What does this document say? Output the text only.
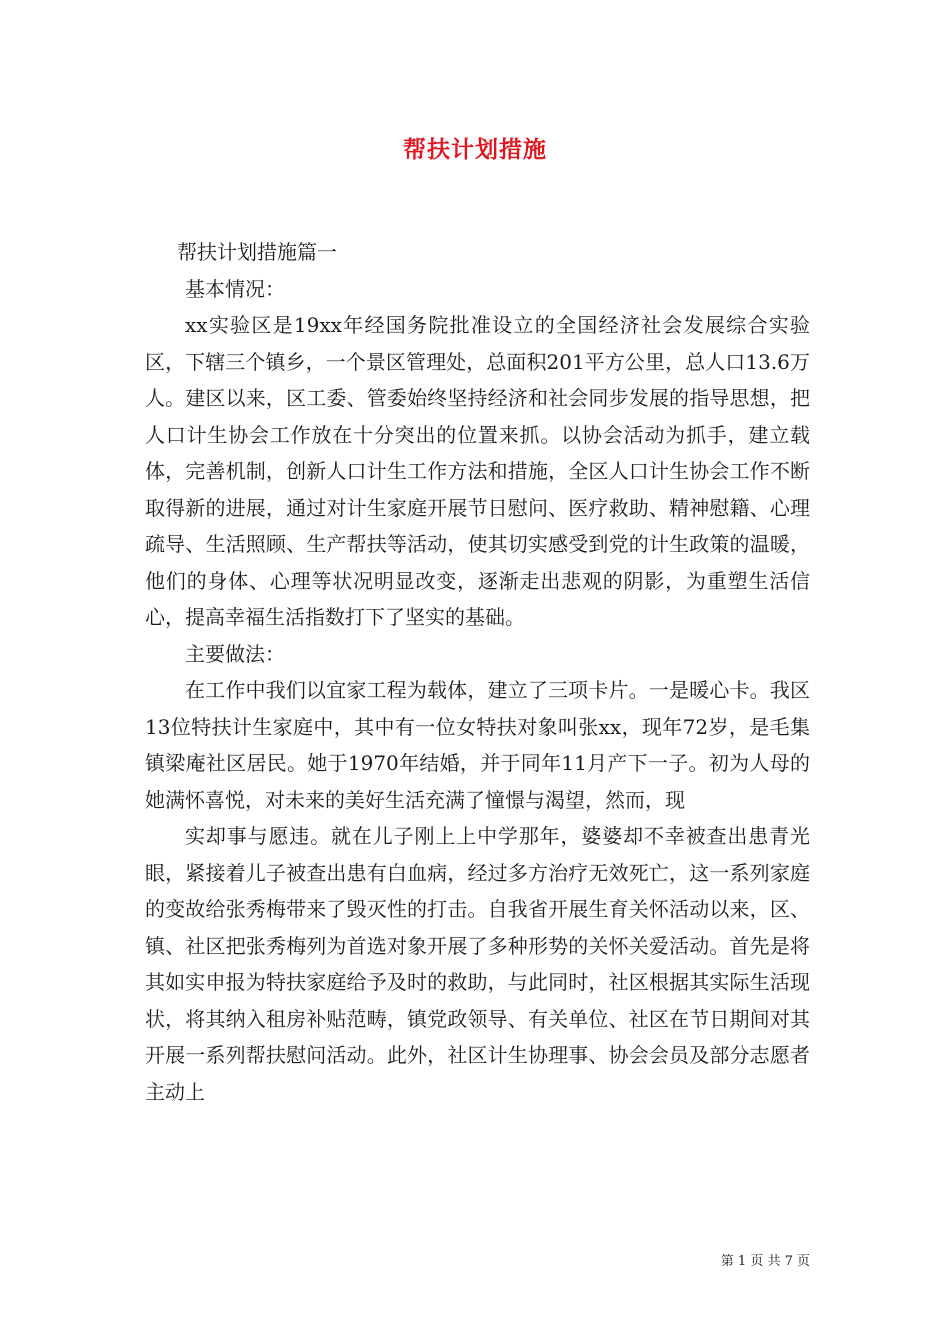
帮扶计划措施

帮扶计划措施篇一

基本情况：

xx实验区是19xx年经国务院批准设立的全国经济社会发展综合实验区，下辖三个镇乡，一个景区管理处，总面积201平方公里，总人口13.6万人。建区以来，区工委、管委始终坚持经济和社会同步发展的指导思想，把人口计生协会工作放在十分突出的位置来抓。以协会活动为抓手，建立载体，完善机制，创新人口计生工作方法和措施，全区人口计生协会工作不断取得新的进展，通过对计生家庭开展节日慰问、医疗救助、精神慰籍、心理疏导、生活照顾、生产帮扶等活动，使其切实感受到党的计生政策的温暖，他们的身体、心理等状况明显改变，逐渐走出悲观的阴影，为重塑生活信心，提高幸福生活指数打下了坚实的基础。

主要做法：

在工作中我们以宜家工程为载体，建立了三项卡片。一是暖心卡。我区13位特扶计生家庭中，其中有一位女特扶对象叫张xx，现年72岁，是毛集镇梁庵社区居民。她于1970年结婚，并于同年11月产下一子。初为人母的她满怀喜悦，对未来的美好生活充满了憧憬与渴望，然而，现

实却事与愿违。就在儿子刚上上中学那年，婆婆却不幸被查出患青光眼，紧接着儿子被查出患有白血病，经过多方治疗无效死亡，这一系列家庭的变故给张秀梅带来了毁灭性的打击。自我省开展生育关怀活动以来，区、镇、社区把张秀梅列为首选对象开展了多种形势的关怀关爱活动。首先是将其如实申报为特扶家庭给予及时的救助，与此同时，社区根据其实际生活现状，将其纳入租房补贴范畴，镇党政领导、有关单位、社区在节日期间对其开展一系列帮扶慰问活动。此外，社区计生协理事、协会会员及部分志愿者主动上

第 1 页 共 7 页
